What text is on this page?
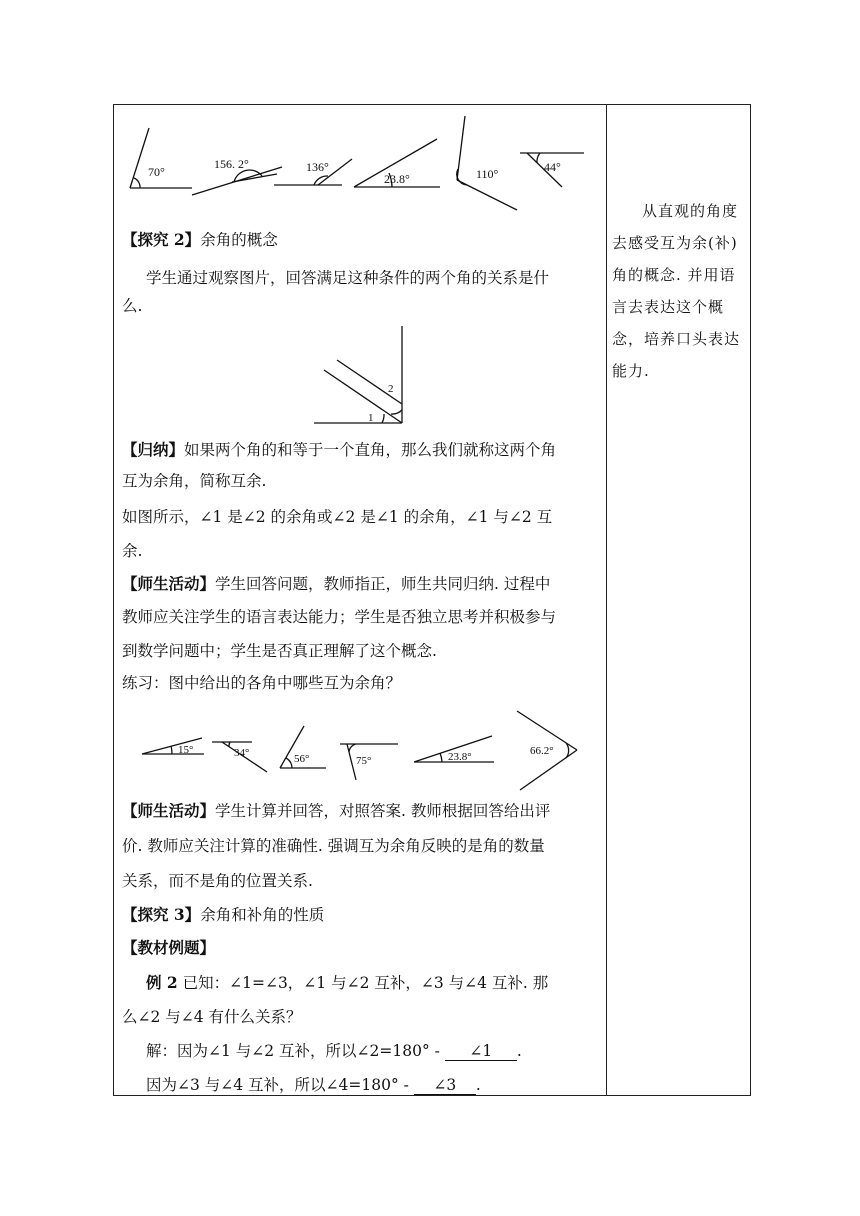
70°
156. 2°	136°
23.8°	110°	44°
【探究 2】余角的概念
学生通过观察图片，回答满足这种条件的两个角的关系是什
么.
1
2
【归纳】如果两个角的和等于一个直角，那么我们就称这两个角
互为余角，简称互余.
如图所示，∠1 是∠2 的余角或∠2 是∠1 的余角，∠1 与∠2 互
余.
【师生活动】学生回答问题，教师指正，师生共同归纳. 过程中
教师应关注学生的语言表达能力；学生是否独立思考并积极参与
到数学问题中；学生是否真正理解了这个概念.
练习：图中给出的各角中哪些互为余角？
15°	34°	56°	75°	23.8°	66.2°
【师生活动】学生计算并回答，对照答案. 教师根据回答给出评
价. 教师应关注计算的准确性. 强调互为余角反映的是角的数量
关系，而不是角的位置关系.
【探究 3】余角和补角的性质
【教材例题】
例 2 已知：∠1=∠3，∠1 与∠2 互补，∠3 与∠4 互补. 那
么∠2 与∠4 有什么关系？
解：因为∠1 与∠2 互补，所以∠2=180° - ∠1 .
因为∠3 与∠4 互补，所以∠4=180° - ∠3 .

从直观的角度去感受互为余(补)角的概念. 并用语言去表达这个概念，培养口头表达能力.
